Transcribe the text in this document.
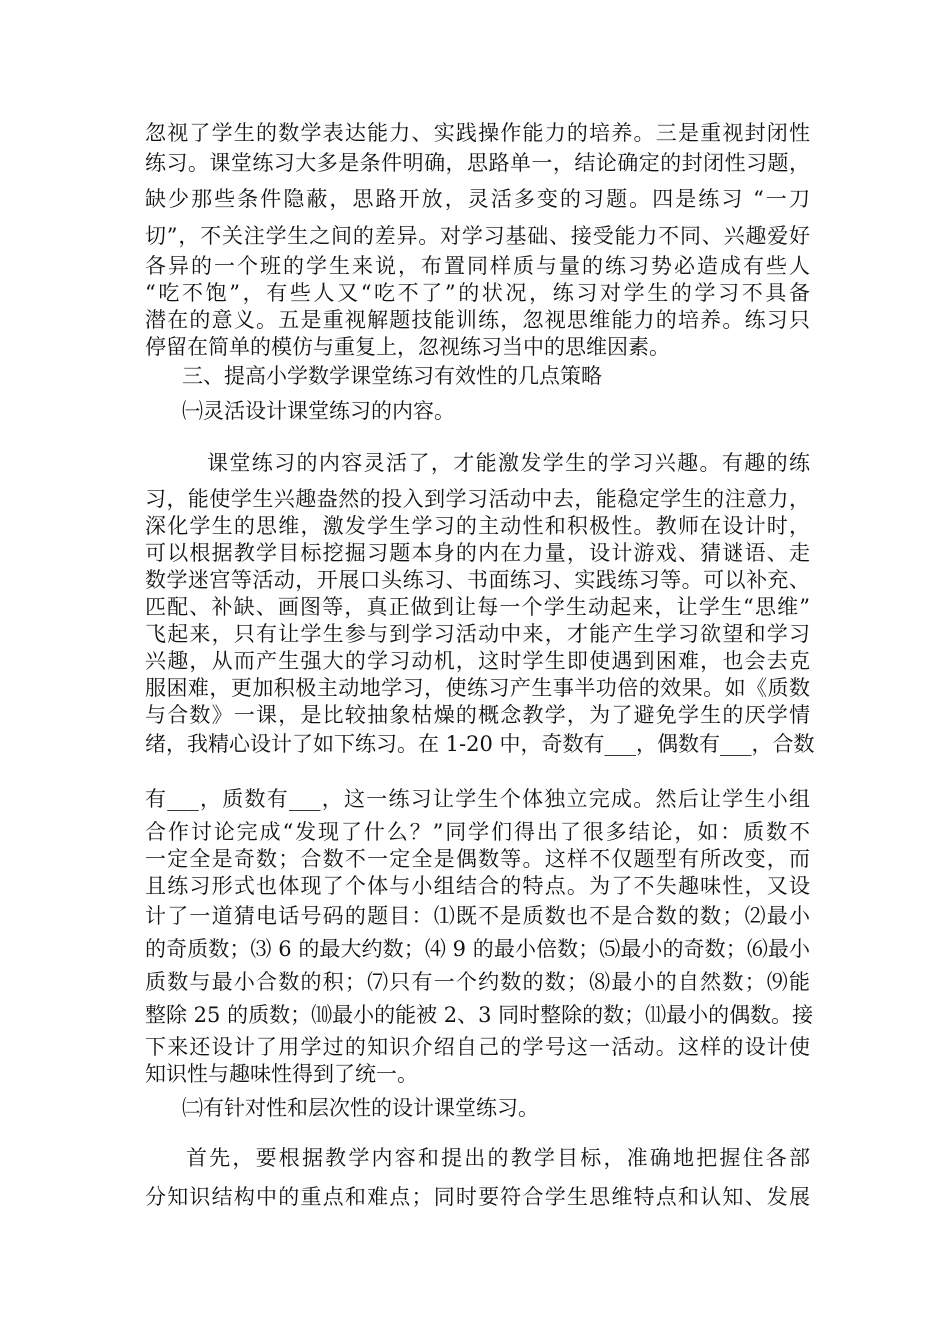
忽视了学生的数学表达能力、实践操作能力的培养。三是重视封闭性
练习。课堂练习大多是条件明确，思路单一，结论确定的封闭性习题，
缺少那些条件隐蔽，思路开放，灵活多变的习题。四是练习 “一刀
切”，不关注学生之间的差异。对学习基础、接受能力不同、兴趣爱好
各异的一个班的学生来说，布置同样质与量的练习势必造成有些人
“吃不饱”，有些人又“吃不了”的状况，练习对学生的学习不具备
潜在的意义。五是重视解题技能训练，忽视思维能力的培养。练习只
停留在简单的模仿与重复上，忽视练习当中的思维因素。
三、提高小学数学课堂练习有效性的几点策略
㈠灵活设计课堂练习的内容。
课堂练习的内容灵活了，才能激发学生的学习兴趣。有趣的练
习，能使学生兴趣盎然的投入到学习活动中去，能稳定学生的注意力，
深化学生的思维，激发学生学习的主动性和积极性。教师在设计时，
可以根据教学目标挖掘习题本身的内在力量，设计游戏、猜谜语、走
数学迷宫等活动，开展口头练习、书面练习、实践练习等。可以补充、
匹配、补缺、画图等，真正做到让每一个学生动起来，让学生“思维”
飞起来，只有让学生参与到学习活动中来，才能产生学习欲望和学习
兴趣，从而产生强大的学习动机，这时学生即使遇到困难，也会去克
服困难，更加积极主动地学习，使练习产生事半功倍的效果。如《质数
与合数》一课，是比较抽象枯燥的概念教学，为了避免学生的厌学情
绪，我精心设计了如下练习。在 1-20 中，奇数有___，偶数有___，合数
有___，质数有___，这一练习让学生个体独立完成。然后让学生小组
合作讨论完成“发现了什么？”同学们得出了很多结论，如：质数不
一定全是奇数；合数不一定全是偶数等。这样不仅题型有所改变，而
且练习形式也体现了个体与小组结合的特点。为了不失趣味性，又设
计了一道猜电话号码的题目：⑴既不是质数也不是合数的数；⑵最小
的奇质数；⑶ 6 的最大约数；⑷ 9 的最小倍数；⑸最小的奇数；⑹最小
质数与最小合数的积；⑺只有一个约数的数；⑻最小的自然数；⑼能
整除 25 的质数；⑽最小的能被 2、3 同时整除的数；⑾最小的偶数。接
下来还设计了用学过的知识介绍自己的学号这一活动。这样的设计使
知识性与趣味性得到了统一。
㈡有针对性和层次性的设计课堂练习。
首先，要根据教学内容和提出的教学目标，准确地把握住各部
分知识结构中的重点和难点；同时要符合学生思维特点和认知、发展
